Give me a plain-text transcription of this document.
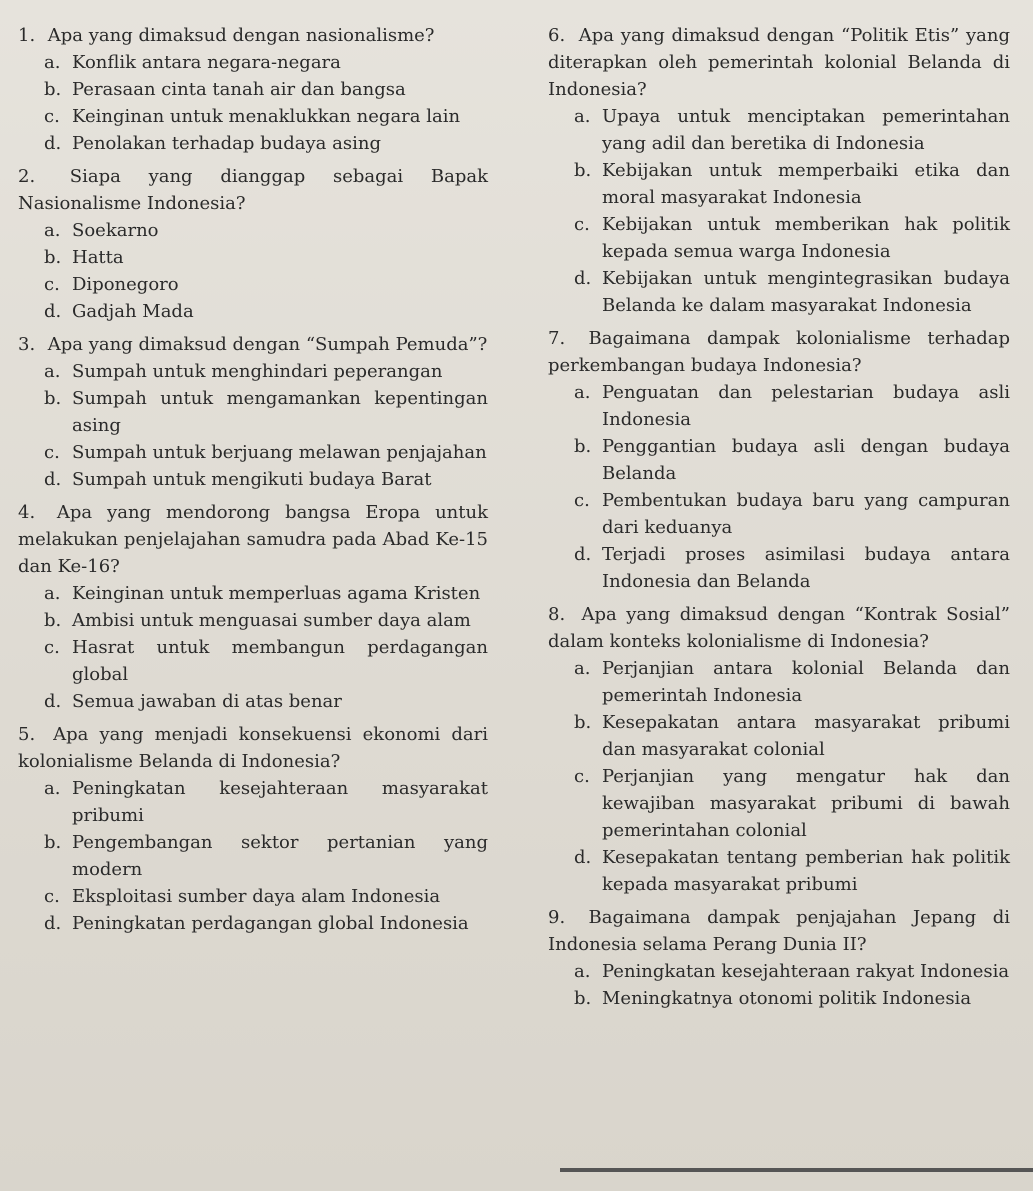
1. Apa yang dimaksud dengan nasionalisme?
a. Konflik antara negara-negara
b. Perasaan cinta tanah air dan bangsa
c. Keinginan untuk menaklukkan negara lain
d. Penolakan terhadap budaya asing
2. Siapa yang dianggap sebagai Bapak Nasionalisme Indonesia?
a. Soekarno
b. Hatta
c. Diponegoro
d. Gadjah Mada
3. Apa yang dimaksud dengan “Sumpah Pemuda”?
a. Sumpah untuk menghindari peperangan
b. Sumpah untuk mengamankan kepentingan asing
c. Sumpah untuk berjuang melawan penjajahan
d. Sumpah untuk mengikuti budaya Barat
4. Apa yang mendorong bangsa Eropa untuk melakukan penjelajahan samudra pada Abad Ke-15 dan Ke-16?
a. Keinginan untuk memperluas agama Kristen
b. Ambisi untuk menguasai sumber daya alam
c. Hasrat untuk membangun perdagangan global
d. Semua jawaban di atas benar
5. Apa yang menjadi konsekuensi ekonomi dari kolonialisme Belanda di Indonesia?
a. Peningkatan kesejahteraan masyarakat pribumi
b. Pengembangan sektor pertanian yang modern
c. Eksploitasi sumber daya alam Indonesia
d. Peningkatan perdagangan global Indonesia
6. Apa yang dimaksud dengan “Politik Etis” yang diterapkan oleh pemerintah kolonial Belanda di Indonesia?
a. Upaya untuk menciptakan pemerintahan yang adil dan beretika di Indonesia
b. Kebijakan untuk memperbaiki etika dan moral masyarakat Indonesia
c. Kebijakan untuk memberikan hak politik kepada semua warga Indonesia
d. Kebijakan untuk mengintegrasikan budaya Belanda ke dalam masyarakat Indonesia
7. Bagaimana dampak kolonialisme terhadap perkembangan budaya Indonesia?
a. Penguatan dan pelestarian budaya asli Indonesia
b. Penggantian budaya asli dengan budaya Belanda
c. Pembentukan budaya baru yang campuran dari keduanya
d. Terjadi proses asimilasi budaya antara Indonesia dan Belanda
8. Apa yang dimaksud dengan “Kontrak Sosial” dalam konteks kolonialisme di Indonesia?
a. Perjanjian antara kolonial Belanda dan pemerintah Indonesia
b. Kesepakatan antara masyarakat pribumi dan masyarakat colonial
c. Perjanjian yang mengatur hak dan kewajiban masyarakat pribumi di bawah pemerintahan colonial
d. Kesepakatan tentang pemberian hak politik kepada masyarakat pribumi
9. Bagaimana dampak penjajahan Jepang di Indonesia selama Perang Dunia II?
a. Peningkatan kesejahteraan rakyat Indonesia
b. Meningkatnya otonomi politik Indonesia
